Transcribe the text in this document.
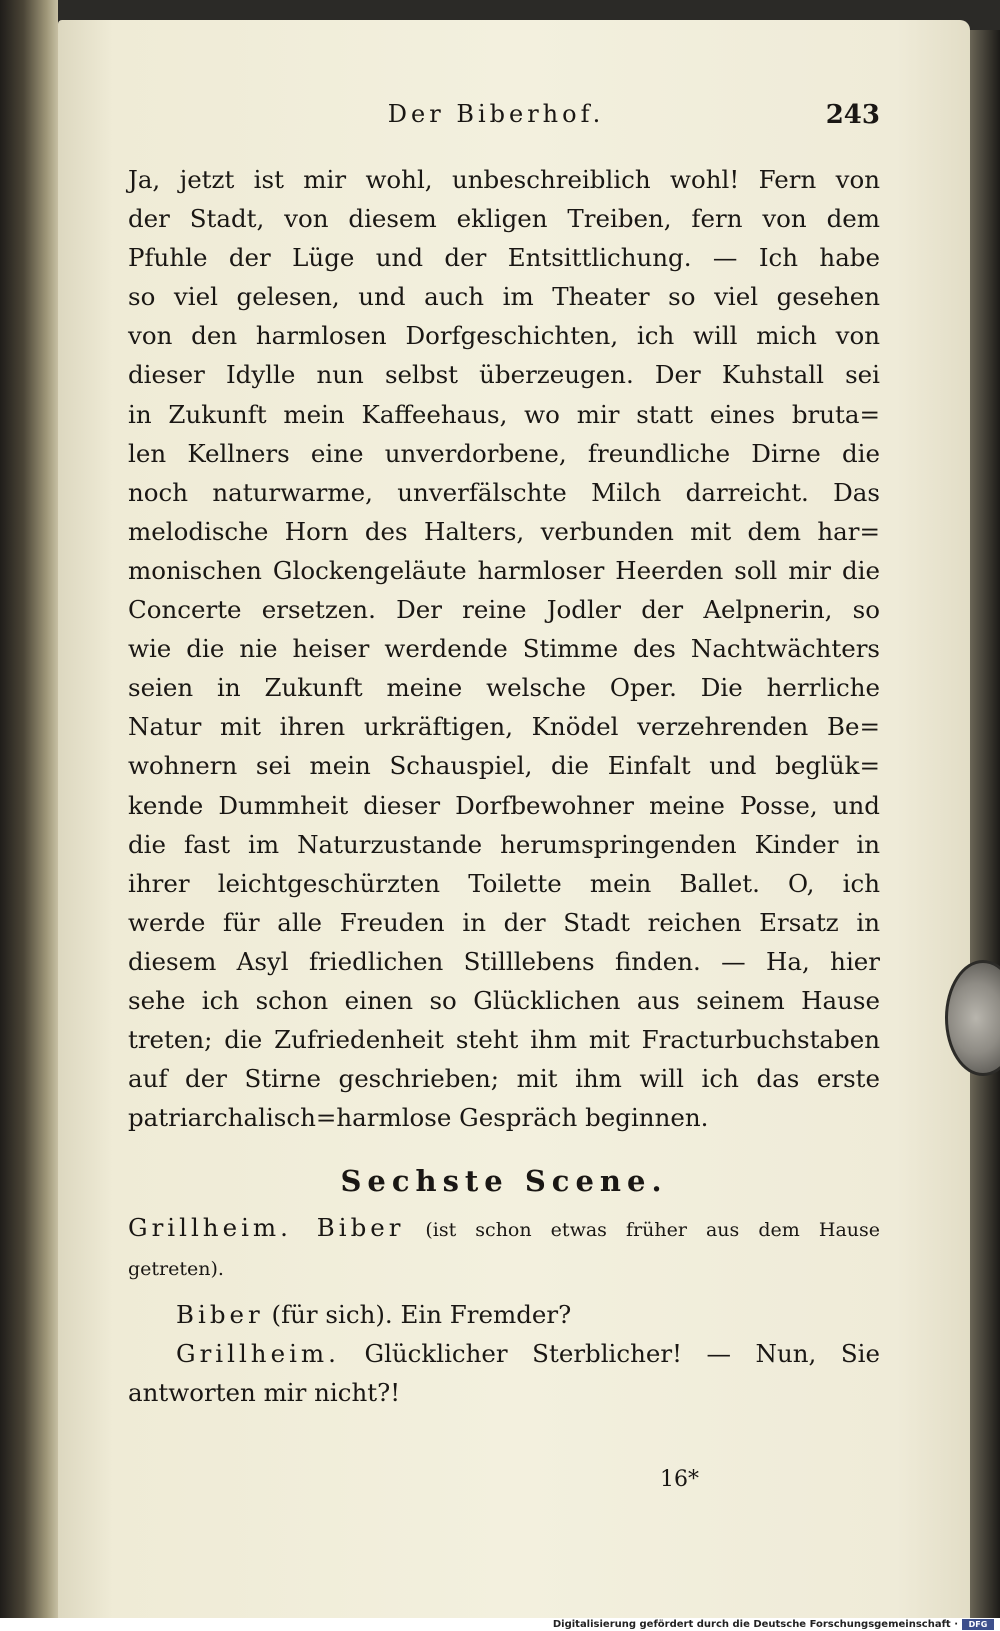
Der Biberhof.	243
Ja, jetzt ist mir wohl, unbeschreiblich wohl! Fern von
der Stadt, von diesem ekligen Treiben, fern von dem
Pfuhle der Lüge und der Entsittlichung. — Ich habe
so viel gelesen, und auch im Theater so viel gesehen
von den harmlosen Dorfgeschichten, ich will mich von
dieser Idylle nun selbst überzeugen. Der Kuhstall sei
in Zukunft mein Kaffeehaus, wo mir statt eines bruta=
len Kellners eine unverdorbene, freundliche Dirne die
noch naturwarme, unverfälschte Milch darreicht. Das
melodische Horn des Halters, verbunden mit dem har=
monischen Glockengeläute harmloser Heerden soll mir die
Concerte ersetzen. Der reine Jodler der Aelpnerin, so
wie die nie heiser werdende Stimme des Nachtwächters
seien in Zukunft meine welsche Oper. Die herrliche
Natur mit ihren urkräftigen, Knödel verzehrenden Be=
wohnern sei mein Schauspiel, die Einfalt und beglük=
kende Dummheit dieser Dorfbewohner meine Posse, und
die fast im Naturzustande herumspringenden Kinder in
ihrer leichtgeschürzten Toilette mein Ballet. O, ich
werde für alle Freuden in der Stadt reichen Ersatz in
diesem Asyl friedlichen Stilllebens finden. — Ha, hier
sehe ich schon einen so Glücklichen aus seinem Hause
treten; die Zufriedenheit steht ihm mit Fracturbuchstaben
auf der Stirne geschrieben; mit ihm will ich das erste
patriarchalisch=harmlose Gespräch beginnen.
Sechste Scene.
Grillheim. Biber (ist schon etwas früher aus dem Hause
getreten).
Biber (für sich). Ein Fremder?
Grillheim. Glücklicher Sterblicher! — Nun, Sie
antworten mir nicht?!
16*
Digitalisierung gefördert durch die Deutsche Forschungsgemeinschaft ·	DFG
